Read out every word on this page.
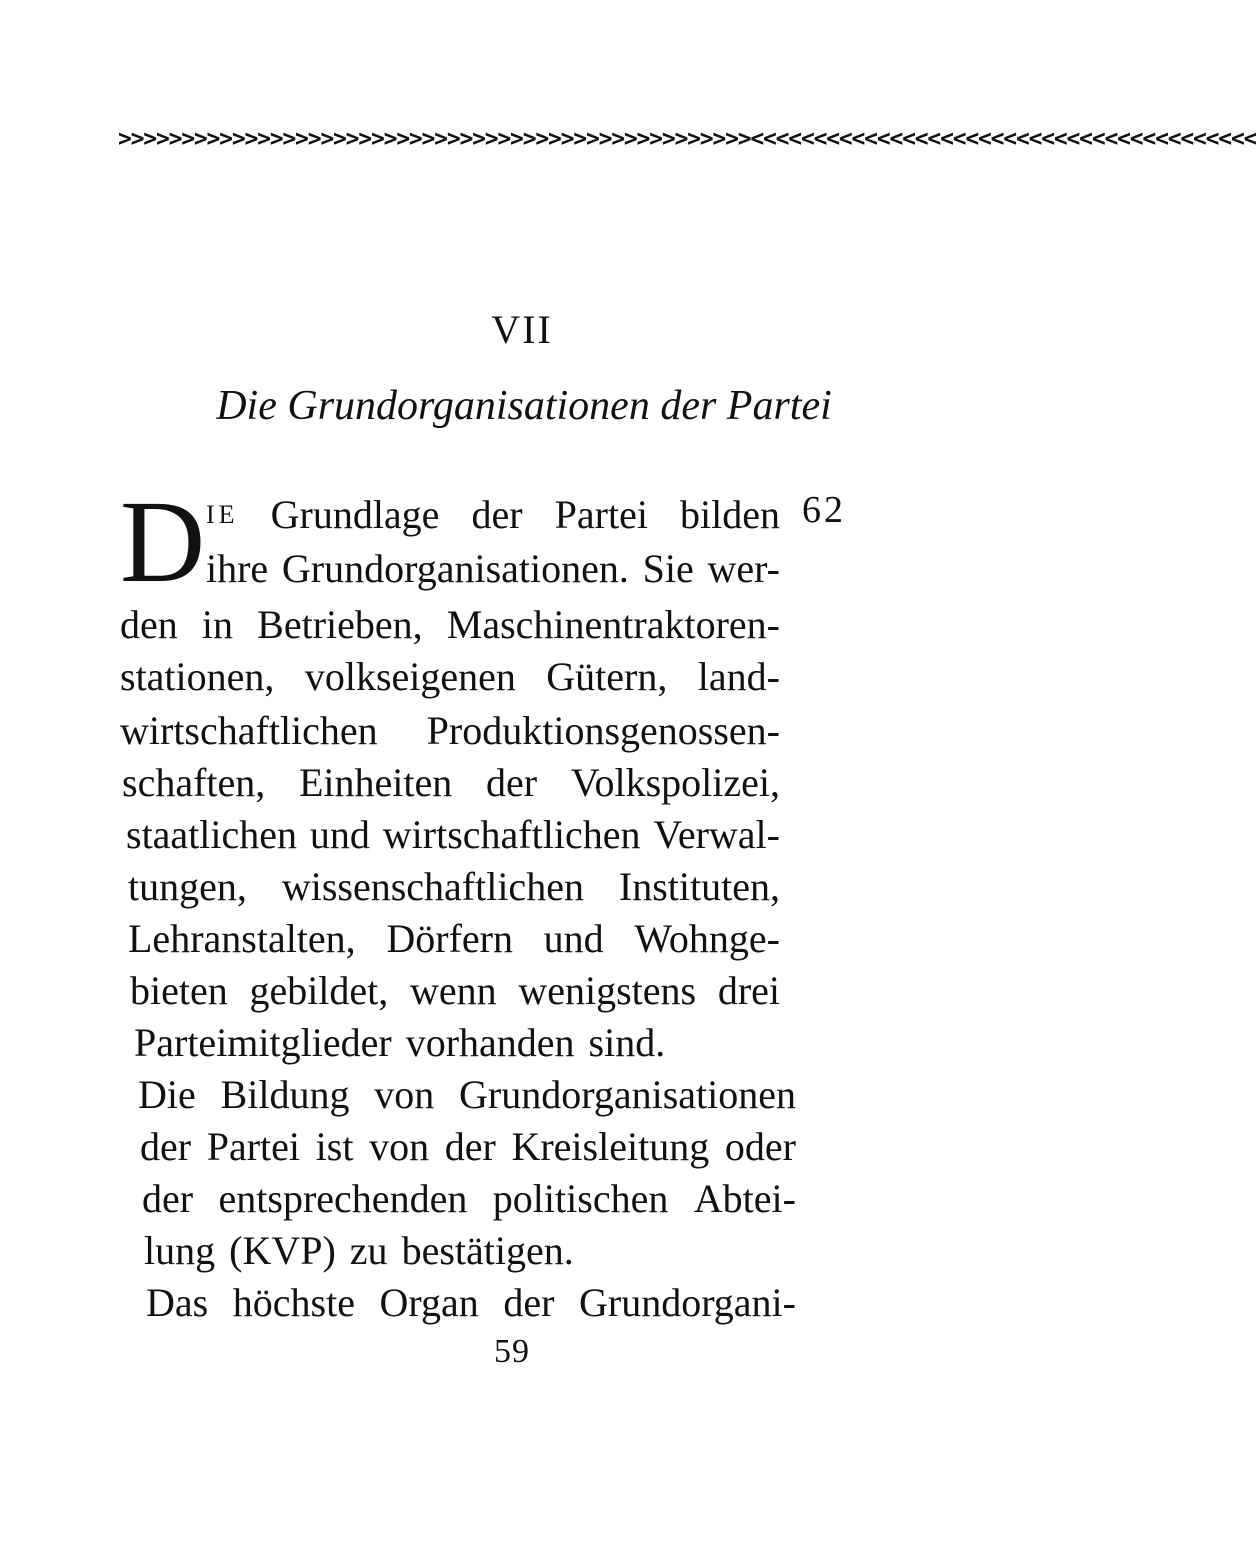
>>>>>>>>>>>>>>>>>>>>>>>>>>>>>>>>>>>>>>>>>>>>>>>>>><<<<<<<<<<<<<<<<<<<<<<<<<<<<<<<<<<<<<<<<
VII
Die Grundorganisationen der Partei
62
D IE Grundlage der Partei bilden
ihre Grundorganisationen. Sie wer-
den in Betrieben, Maschinentraktoren-
stationen, volkseigenen Gütern, land-
wirtschaftlichen Produktionsgenossen-
schaften, Einheiten der Volkspolizei,
staatlichen und wirtschaftlichen Verwal-
tungen, wissenschaftlichen Instituten,
Lehranstalten, Dörfern und Wohnge-
bieten gebildet, wenn wenigstens drei
Parteimitglieder vorhanden sind.
Die Bildung von Grundorganisationen
der Partei ist von der Kreisleitung oder
der entsprechenden politischen Abtei-
lung (KVP) zu bestätigen.
Das höchste Organ der Grundorgani-
59
